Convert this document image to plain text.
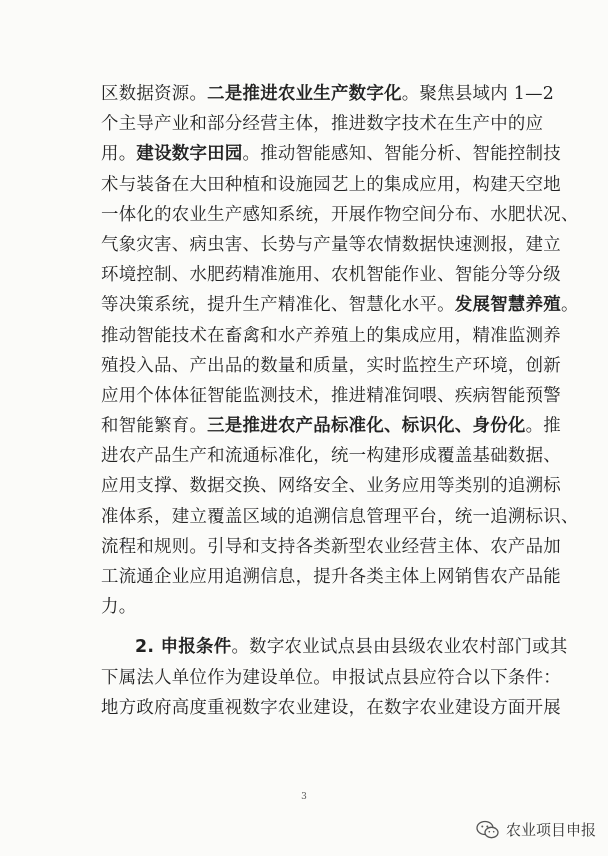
区数据资源。二是推进农业生产数字化。聚焦县域内 1—2
个主导产业和部分经营主体，推进数字技术在生产中的应
用。建设数字田园。推动智能感知、智能分析、智能控制技
术与装备在大田种植和设施园艺上的集成应用，构建天空地
一体化的农业生产感知系统，开展作物空间分布、水肥状况、
气象灾害、病虫害、长势与产量等农情数据快速测报，建立
环境控制、水肥药精准施用、农机智能作业、智能分等分级
等决策系统，提升生产精准化、智慧化水平。发展智慧养殖。
推动智能技术在畜禽和水产养殖上的集成应用，精准监测养
殖投入品、产出品的数量和质量，实时监控生产环境，创新
应用个体体征智能监测技术，推进精准饲喂、疾病智能预警
和智能繁育。三是推进农产品标准化、标识化、身份化。推
进农产品生产和流通标准化，统一构建形成覆盖基础数据、
应用支撑、数据交换、网络安全、业务应用等类别的追溯标
准体系，建立覆盖区域的追溯信息管理平台，统一追溯标识、
流程和规则。引导和支持各类新型农业经营主体、农产品加
工流通企业应用追溯信息，提升各类主体上网销售农产品能
力。
2. 申报条件。数字农业试点县由县级农业农村部门或其
下属法人单位作为建设单位。申报试点县应符合以下条件：
地方政府高度重视数字农业建设，在数字农业建设方面开展
3
农业项目申报
